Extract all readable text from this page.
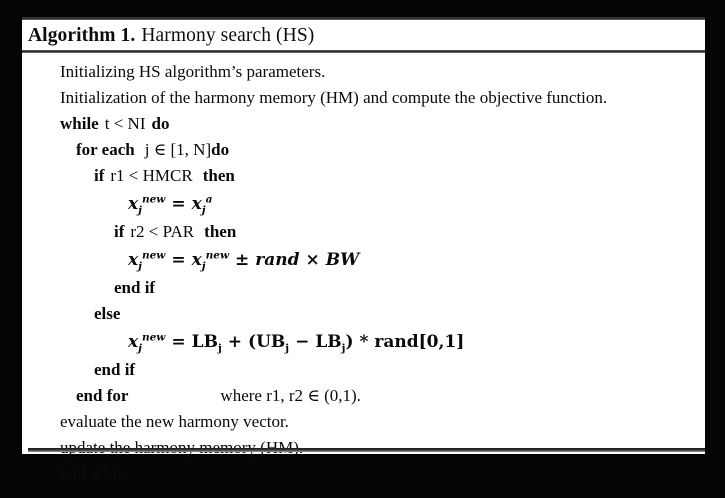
Algorithm 1. Harmony search (HS)
Initializing HS algorithm’s parameters.
Initialization of the harmony memory (HM) and compute the objective function.
while t < NI do
for each j ∈ [1, N]do
if r1 < HMCR then
$x_j^{new} = x_j^a$
if r2 < PAR then
$x_j^{new} = x_j^{new}$ ± rand × BW
end if
else
$x_j^{new} = LB_j + (UB_j - LB_j)$ * rand[0,1]
end if
end for	where r1, r2 ∈ (0,1).
evaluate the new harmony vector.
end while
